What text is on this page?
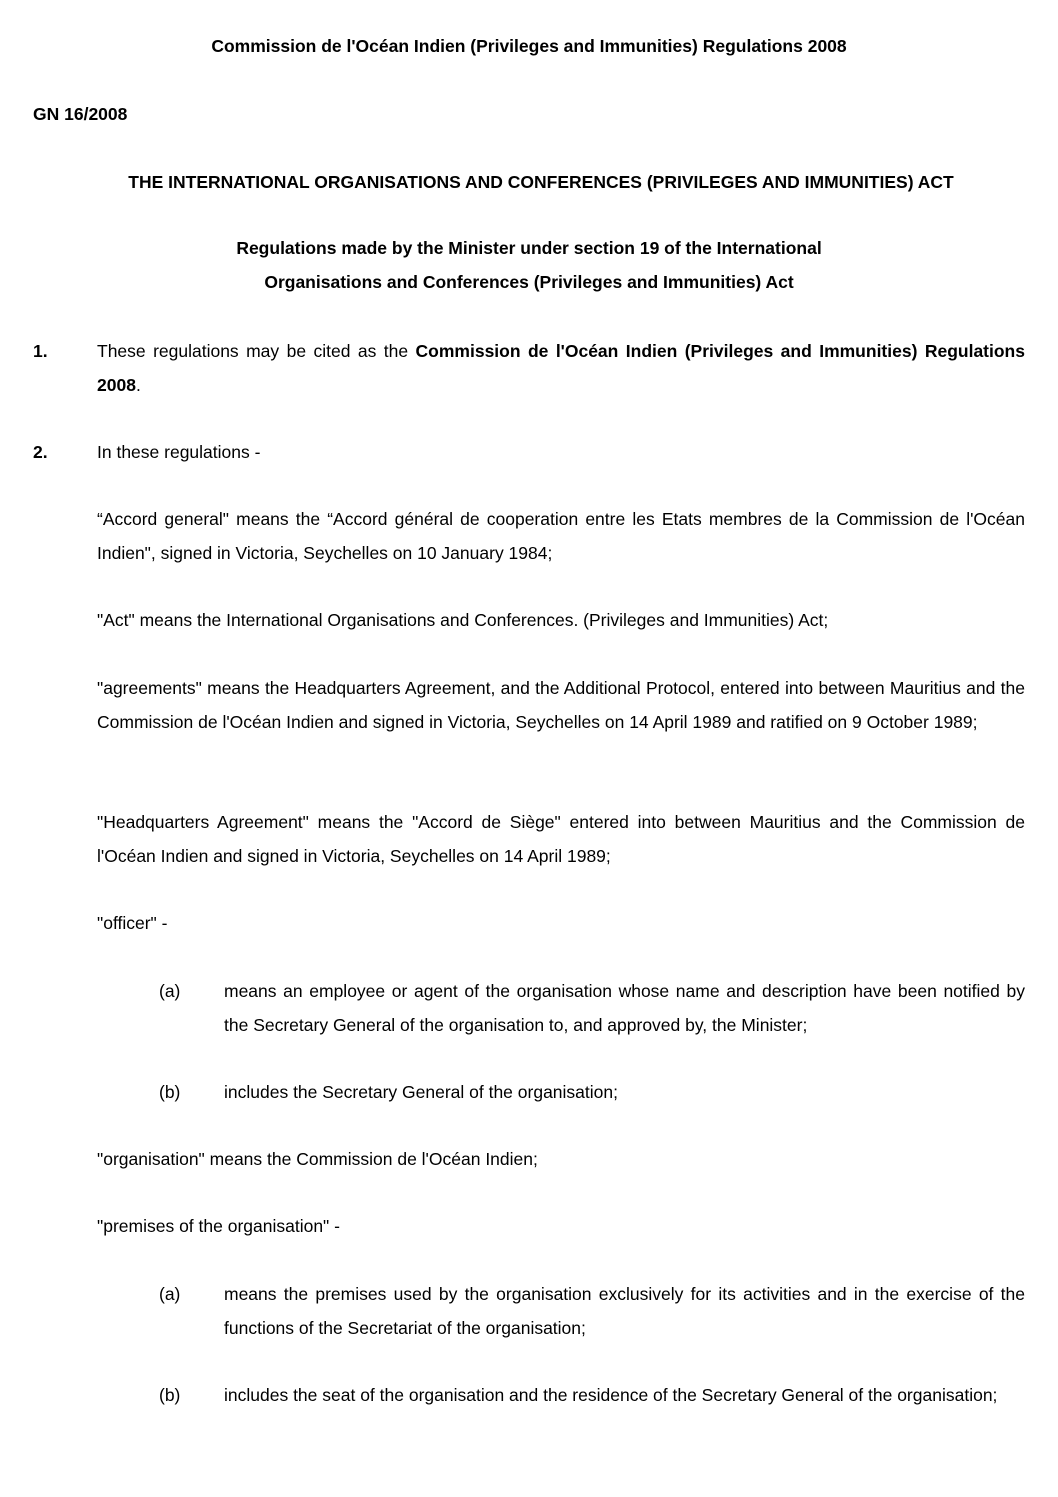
Commission de l'Océan Indien (Privileges and Immunities) Regulations 2008

GN 16/2008

THE INTERNATIONAL ORGANISATIONS AND CONFERENCES (PRIVILEGES AND IMMUNITIES) ACT

Regulations made by the Minister under section 19 of the International

Organisations and Conferences (Privileges and Immunities) Act

1.	These regulations may be cited as the Commission de l'Océan Indien (Privileges and Immunities) Regulations 2008.

2.	In these regulations -

“Accord general" means the “Accord général de cooperation entre les Etats membres de la Commission de l'Océan Indien", signed in Victoria, Seychelles on 10 January 1984;

"Act" means the International Organisations and Conferences. (Privileges and Immunities) Act;

"agreements" means the Headquarters Agreement, and the Additional Protocol, entered into between Mauritius and the Commission de l'Océan Indien and signed in Victoria, Seychelles on 14 April 1989 and ratified on 9 October 1989;

"Headquarters Agreement" means the "Accord de Siège" entered into between Mauritius and the Commission de l'Océan Indien and signed in Victoria, Seychelles on 14 April 1989;

"officer" -

(a) means an employee or agent of the organisation whose name and description have been notified by the Secretary General of the organisation to, and approved by, the Minister;

(b) includes the Secretary General of the organisation;

"organisation" means the Commission de l'Océan Indien;

"premises of the organisation" -

(a) means the premises used by the organisation exclusively for its activities and in the exercise of the functions of the Secretariat of the organisation;

(b) includes the seat of the organisation and the residence of the Secretary General of the organisation;
